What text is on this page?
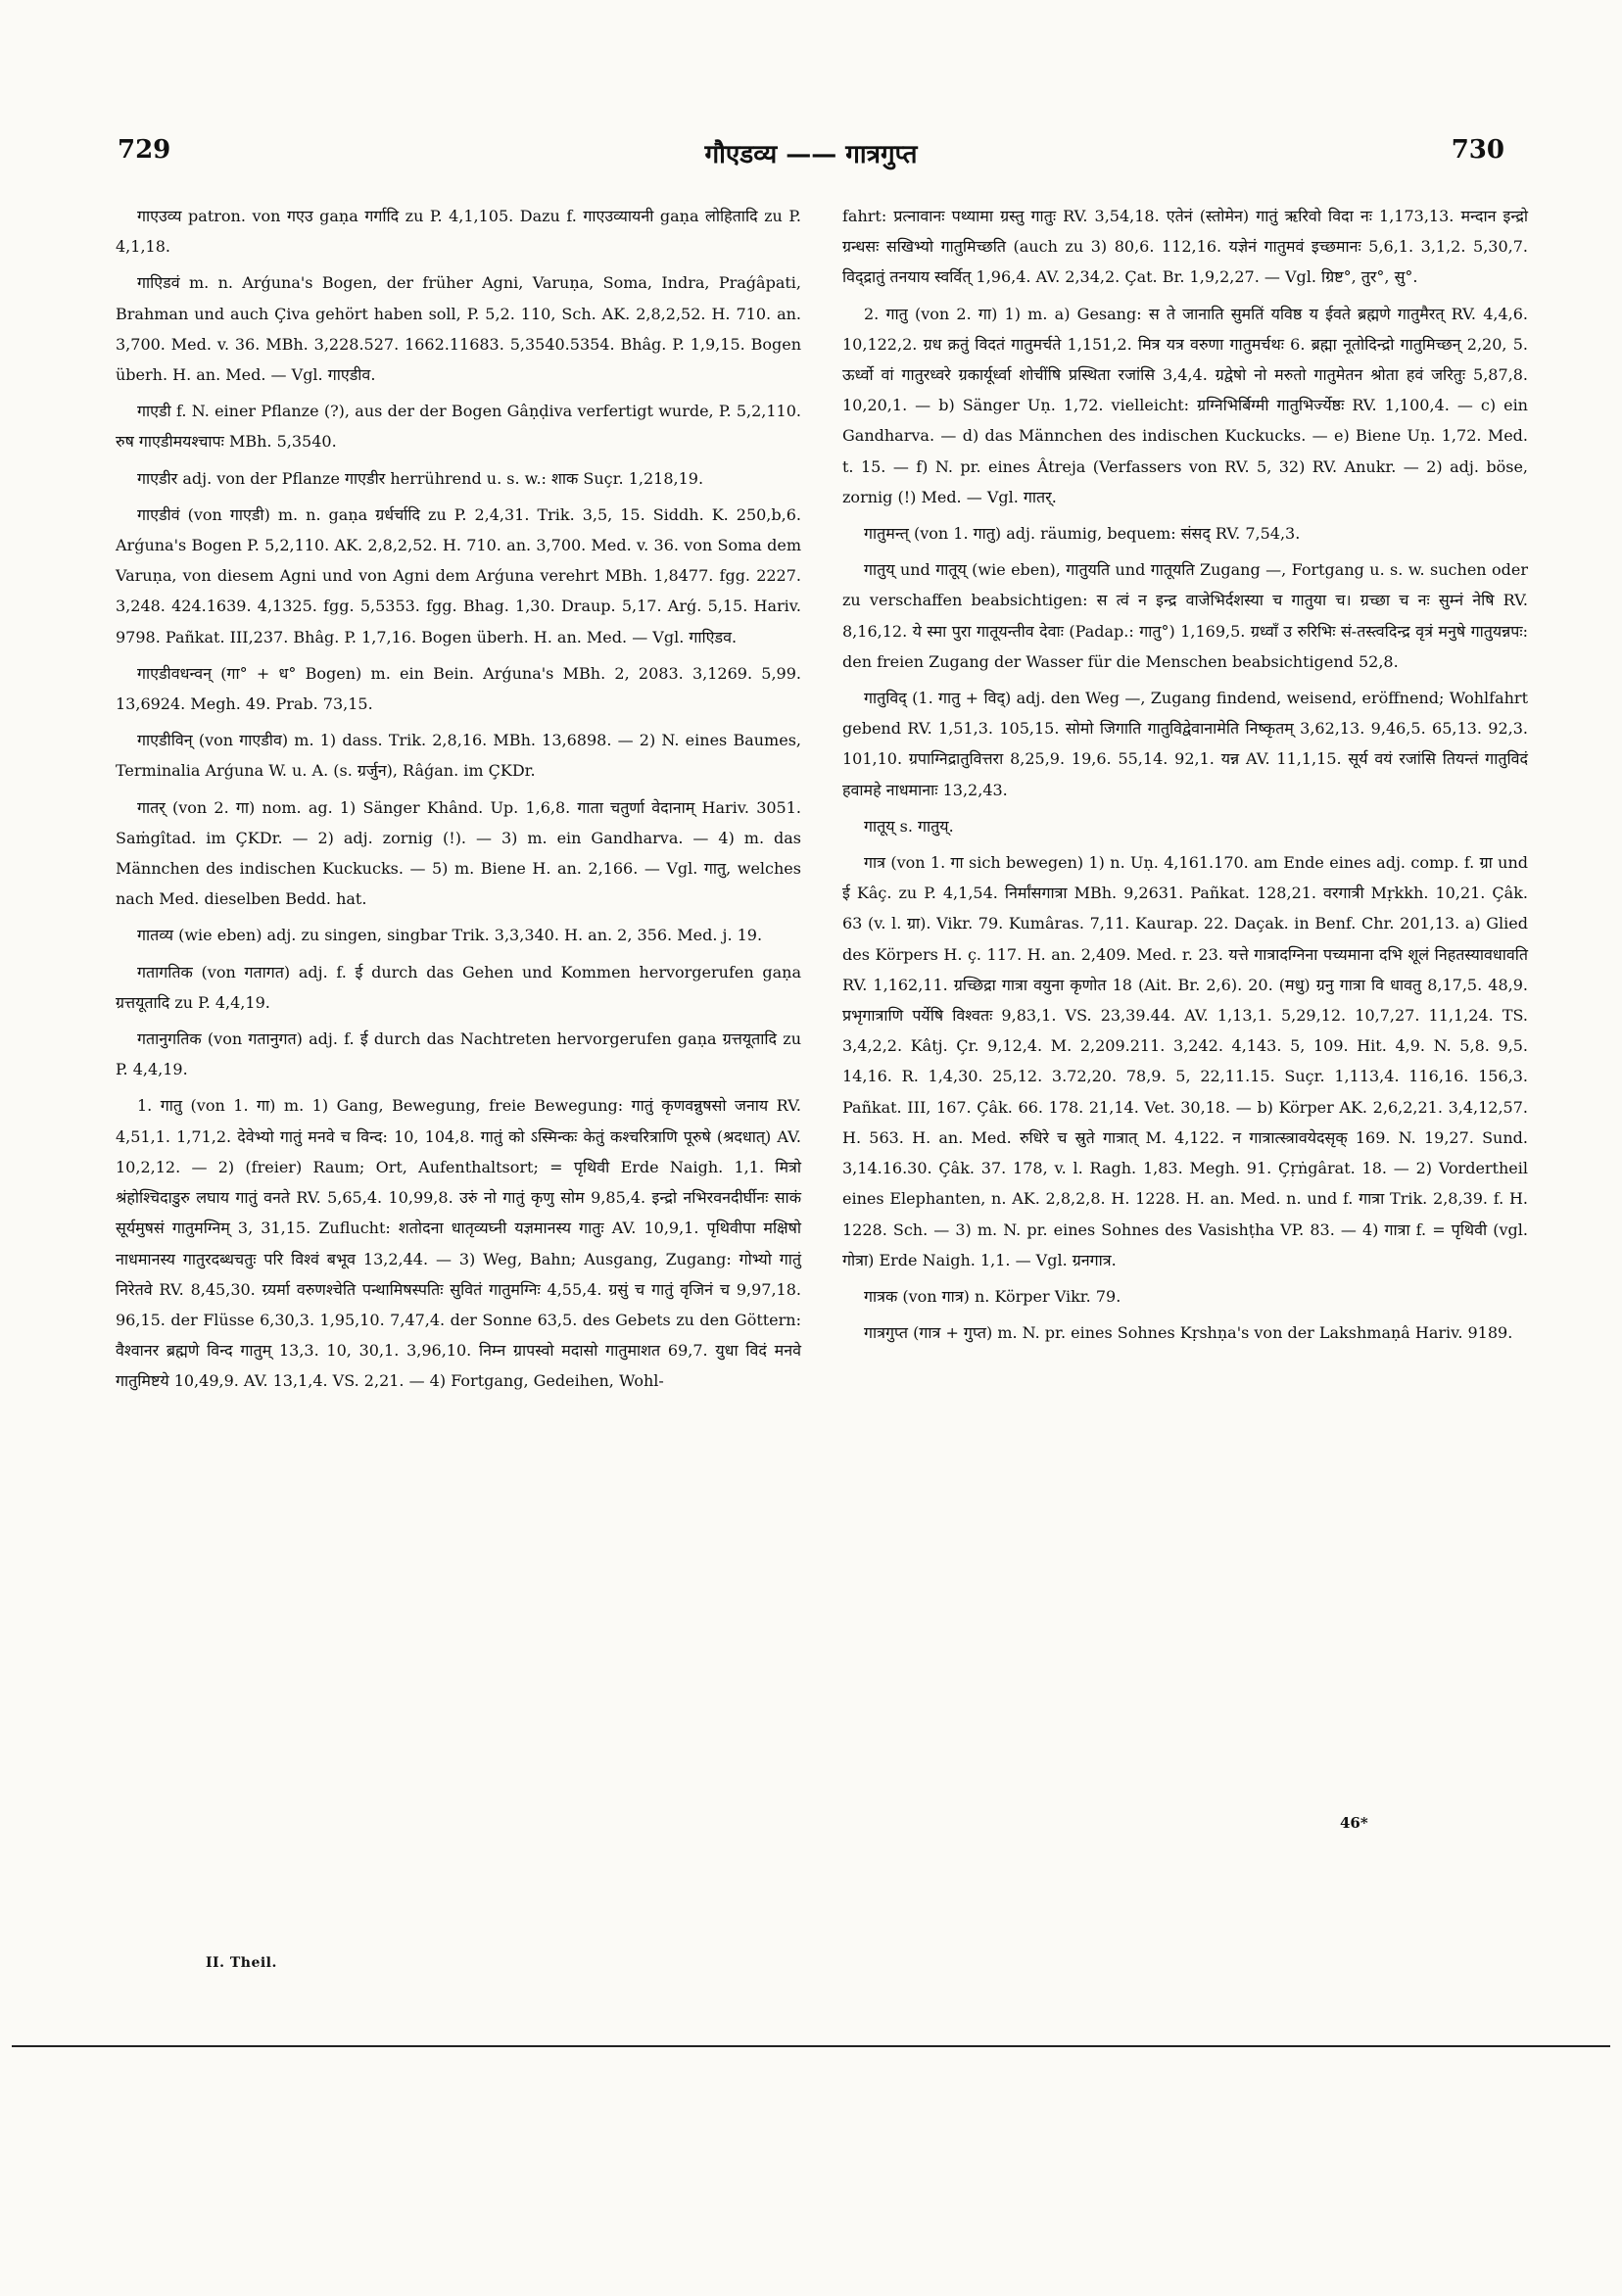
729	गौएडव्य —— गात्रगुप्त	730

गाएउव्य patron. von गएउ gaṇa गर्गादि zu P. 4,1,105. Dazu f. गाएउव्यायनी gaṇa लोहितादि zu P. 4,1,18.

गाएिडवं m. n. Arǵuna's Bogen, der früher Agni, Varuṇa, Soma, Indra, Praǵâpati, Brahman und auch Çiva gehört haben soll, P. 5,2. 110, Sch. AK. 2,8,2,52. H. 710. an. 3,700. Med. v. 36. MBh. 3,228.527. 1662.11683. 5,3540.5354. Bhâg. P. 1,9,15. Bogen überh. H. an. Med. — Vgl. गाएडीव.

गाएडी f. N. einer Pflanze (?), aus der der Bogen Gâṇḍiva verfertigt wurde, P. 5,2,110. रुष गाएडीमयश्चापः MBh. 5,3540.

गाएडीर adj. von der Pflanze गाएडीर herrührend u. s. w.: शाक Suçr. 1,218,19.

गाएडीवं (von गाएडी) m. n. gaṇa ग्रर्धर्चादि zu P. 2,4,31. Trik. 3,5, 15. Siddh. K. 250,b,6. Arǵuna's Bogen P. 5,2,110. AK. 2,8,2,52. H. 710. an. 3,700. Med. v. 36. von Soma dem Varuṇa, von diesem Agni und von Agni dem Arǵuna verehrt MBh. 1,8477. fgg. 2227. 3,248. 424.1639. 4,1325. fgg. 5,5353. fgg. Bhag. 1,30. Draup. 5,17. Arǵ. 5,15. Hariv. 9798. Pañkat. III,237. Bhâg. P. 1,7,16. Bogen überh. H. an. Med. — Vgl. गाएिडव.

गाएडीवधन्वन् (गा° + ध° Bogen) m. ein Bein. Arǵuna's MBh. 2, 2083. 3,1269. 5,99. 13,6924. Megh. 49. Prab. 73,15.

गाएडीविन् (von गाएडीव) m. 1) dass. Trik. 2,8,16. MBh. 13,6898. — 2) N. eines Baumes, Terminalia Arǵuna W. u. A. (s. ग्रर्जुन), Râǵan. im ÇKDr.

गातर् (von 2. गा) nom. ag. 1) Sänger Khând. Up. 1,6,8. गाता चतुर्णा वेदानाम् Hariv. 3051. Saṁgîtad. im ÇKDr. — 2) adj. zornig (!). — 3) m. ein Gandharva. — 4) m. das Männchen des indischen Kuckucks. — 5) m. Biene H. an. 2,166. — Vgl. गातु, welches nach Med. dieselben Bedd. hat.

गातव्य (wie eben) adj. zu singen, singbar Trik. 3,3,340. H. an. 2, 356. Med. j. 19.

गतागतिक (von गतागत) adj. f. ई durch das Gehen und Kommen hervorgerufen gaṇa ग्रत्तयूतादि zu P. 4,4,19.

गतानुगतिक (von गतानुगत) adj. f. ई durch das Nachtreten hervorgerufen gaṇa ग्रत्तयूतादि zu P. 4,4,19.

1. गातु (von 1. गा) m. 1) Gang, Bewegung, freie Bewegung: गातुं कृणवन्नुषसो जनाय RV. 4,51,1. 1,71,2. देवेभ्यो गातुं मनवे च विन्द: 10, 104,8. गातुं को ऽस्मिन्कः केतुं कश्चरित्राणि पूरुषे (श्रदधात्) AV. 10,2,12. — 2) (freier) Raum; Ort, Aufenthaltsort; = पृथिवी Erde Naigh. 1,1. मित्रो श्रंहोश्चिदाडुरु लघाय गातुं वनते RV. 5,65,4. 10,99,8. उरुं नो गातुं कृणु सोम 9,85,4. इन्द्रो नभिरवनदीर्घीनः साकं सूर्यमुषसं गातुमग्निम् 3, 31,15. Zuflucht: शतोदना धातृव्यघ्नी यज्ञमानस्य गातुः AV. 10,9,1. पृथिवीपा मक्षिषो नाधमानस्य गातुरदब्धचतुः परि विश्वं बभूव 13,2,44. — 3) Weg, Bahn; Ausgang, Zugang: गोभ्यो गातुं निरेतवे RV. 8,45,30. ग्र्यर्मा वरुणश्चेति पन्थामिषस्पतिः सुवितं गातुमग्निः 4,55,4. ग्रसुं च गातुं वृजिनं च 9,97,18. 96,15. der Flüsse 6,30,3. 1,95,10. 7,47,4. der Sonne 63,5. des Gebets zu den Göttern: वैश्वानर ब्रह्मणे विन्द गातुम् 13,3. 10, 30,1. 3,96,10. निम्न ग्रापस्वो मदासो गातुमाशत 69,7. युधा विदं मनवे गातुमिष्टये 10,49,9. AV. 13,1,4. VS. 2,21. — 4) Fortgang, Gedeihen, Wohl-

fahrt: प्रत्नावानः पथ्यामा ग्रस्तु गातुः RV. 3,54,18. एतेनं (स्तोमेन) गातुं ऋरिवो विदा नः 1,173,13. मन्दान इन्द्रो ग्रन्धसः सखिभ्यो गातुमिच्छति (auch zu 3) 80,6. 112,16. यज्ञेनं गातुमवं इच्छमानः 5,6,1. 3,1,2. 5,30,7. विद्द्रातुं तनयाय स्वर्वित् 1,96,4. AV. 2,34,2. Çat. Br. 1,9,2,27. — Vgl. ग्रिष्ट°, तुर°, सु°.

2. गातु (von 2. गा) 1) m. a) Gesang: स ते जानाति सुमतिं यविष्ठ य ईवते ब्रह्मणे गातुमैरत् RV. 4,4,6. 10,122,2. ग्रध क्रतुं विदतं गातुमर्चते 1,151,2. मित्र यत्र वरुणा गातुमर्चथः 6. ब्रह्मा नूतोदिन्द्रो गातुमिच्छन् 2,20, 5. ऊर्ध्वो वां गातुरध्वरे ग्रकार्यूर्ध्वा शोचींषि प्रस्थिता रजांसि 3,4,4. ग्रद्वेषो नो मरुतो गातुमेतन श्रोता हवं जरितुः 5,87,8. 10,20,1. — b) Sänger Uṇ. 1,72. vielleicht: ग्रग्निभिर्बिग्मी गातुभिर्ज्येष्ठः RV. 1,100,4. — c) ein Gandharva. — d) das Männchen des indischen Kuckucks. — e) Biene Uṇ. 1,72. Med. t. 15. — f) N. pr. eines Âtreja (Verfassers von RV. 5, 32) RV. Anukr. — 2) adj. böse, zornig (!) Med. — Vgl. गातर्.

गातुमन्त् (von 1. गातु) adj. räumig, bequem: संसद् RV. 7,54,3.

गातुय् und गातूय् (wie eben), गातुयति und गातूयति Zugang —, Fortgang u. s. w. suchen oder zu verschaffen beabsichtigen: स त्वं न इन्द्र वाजेभिर्दशस्या च गातुया च। ग्रच्छा च नः सुम्नं नेषि RV. 8,16,12. ये स्मा पुरा गातूयन्तीव देवाः (Padap.: गातु°) 1,169,5. ग्रध्वाँ उ रुरिभिः सं-तस्त्वदिन्द्र वृत्रं मनुषे गातुयन्नपः: den freien Zugang der Wasser für die Menschen beabsichtigend 52,8.

गातुविद् (1. गातु + विद्) adj. den Weg —, Zugang findend, weisend, eröffnend; Wohlfahrt gebend RV. 1,51,3. 105,15. सोमो जिगाति गातुविद्वेवानामेति निष्कृतम् 3,62,13. 9,46,5. 65,13. 92,3. 101,10. ग्रपाग्निद्रातुवित्तरा 8,25,9. 19,6. 55,14. 92,1. यन्न AV. 11,1,15. सूर्य वयं रजांसि तियन्तं गातुविदं हवामहे नाधमानाः 13,2,43.

गातूय् s. गातुय्.

गात्र (von 1. गा sich bewegen) 1) n. Uṇ. 4,161.170. am Ende eines adj. comp. f. ग्रा und ई Kâç. zu P. 4,1,54. निर्मांसगात्रा MBh. 9,2631. Pañkat. 128,21. वरगात्री Mṛkkh. 10,21. Çâk. 63 (v. l. ग्रा). Vikr. 79. Kumâras. 7,11. Kaurap. 22. Daçak. in Benf. Chr. 201,13. a) Glied des Körpers H. ç. 117. H. an. 2,409. Med. r. 23. यत्ते गात्रादग्निना पच्यमाना दभि शूलं निहतस्यावधावति RV. 1,162,11. ग्रच्छिद्रा गात्रा वयुना कृणोत 18 (Ait. Br. 2,6). 20. (मधु) ग्रनु गात्रा वि धावतु 8,17,5. 48,9. प्रभृगात्राणि पर्येषि विश्वतः 9,83,1. VS. 23,39.44. AV. 1,13,1. 5,29,12. 10,7,27. 11,1,24. TS. 3,4,2,2. Kâtj. Çr. 9,12,4. M. 2,209.211. 3,242. 4,143. 5, 109. Hit. 4,9. N. 5,8. 9,5. 14,16. R. 1,4,30. 25,12. 3.72,20. 78,9. 5, 22,11.15. Suçr. 1,113,4. 116,16. 156,3. Pañkat. III, 167. Çâk. 66. 178. 21,14. Vet. 30,18. — b) Körper AK. 2,6,2,21. 3,4,12,57. H. 563. H. an. Med. रुधिरे च स्रुते गात्रात् M. 4,122. न गात्रात्स्त्रावयेदसृक् 169. N. 19,27. Sund. 3,14.16.30. Çâk. 37. 178, v. l. Ragh. 1,83. Megh. 91. Çṛṅgârat. 18. — 2) Vordertheil eines Elephanten, n. AK. 2,8,2,8. H. 1228. H. an. Med. n. und f. गात्रा Trik. 2,8,39. f. H. 1228. Sch. — 3) m. N. pr. eines Sohnes des Vasishṭha VP. 83. — 4) गात्रा f. = पृथिवी (vgl. गोत्रा) Erde Naigh. 1,1. — Vgl. ग्रनगात्र.

गात्रक (von गात्र) n. Körper Vikr. 79.

गात्रगुप्त (गात्र + गुप्त) m. N. pr. eines Sohnes Kṛshṇa's von der Lakshmaṇâ Hariv. 9189.

II. Theil.
46*
